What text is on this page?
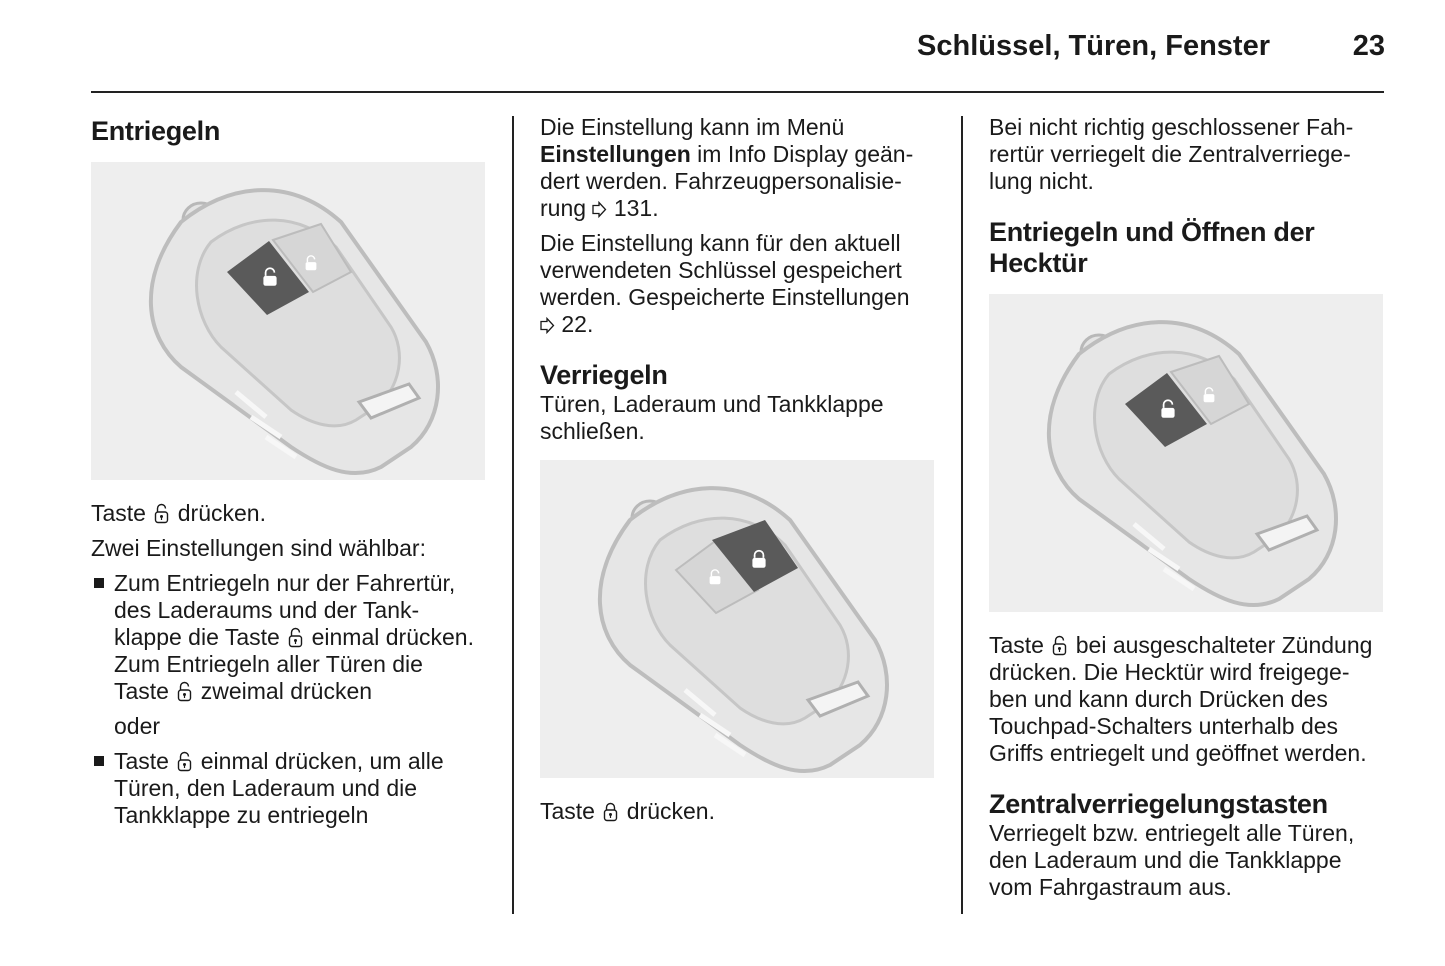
Schlüssel, Türen, Fenster	23
Entriegeln

Taste drücken.

Zwei Einstellungen sind wählbar:

Zum Entriegeln nur der Fahrertür,
des Laderaums und der Tank-
klappe die Taste einmal drücken.
Zum Entriegeln aller Türen die
Taste zweimal drücken
oder
Taste einmal drücken, um alle
Türen, den Laderaum und die
Tankklappe zu entriegeln

Die Einstellung kann im Menü
Einstellungen im Info Display geän-
dert werden. Fahrzeugpersonalisie-
rung 131.

Die Einstellung kann für den aktuell
verwendeten Schlüssel gespeichert
werden. Gespeicherte Einstellungen
22.

Verriegeln

Türen, Laderaum und Tankklappe
schließen.

Taste drücken.

Bei nicht richtig geschlossener Fah-
rertür verriegelt die Zentralverriege-
lung nicht.

Entriegeln und Öffnen der
Hecktür

Taste bei ausgeschalteter Zündung
drücken. Die Hecktür wird freigege-
ben und kann durch Drücken des
Touchpad-Schalters unterhalb des
Griffs entriegelt und geöffnet werden.

Zentralverriegelungstasten

Verriegelt bzw. entriegelt alle Türen,
den Laderaum und die Tankklappe
vom Fahrgastraum aus.
